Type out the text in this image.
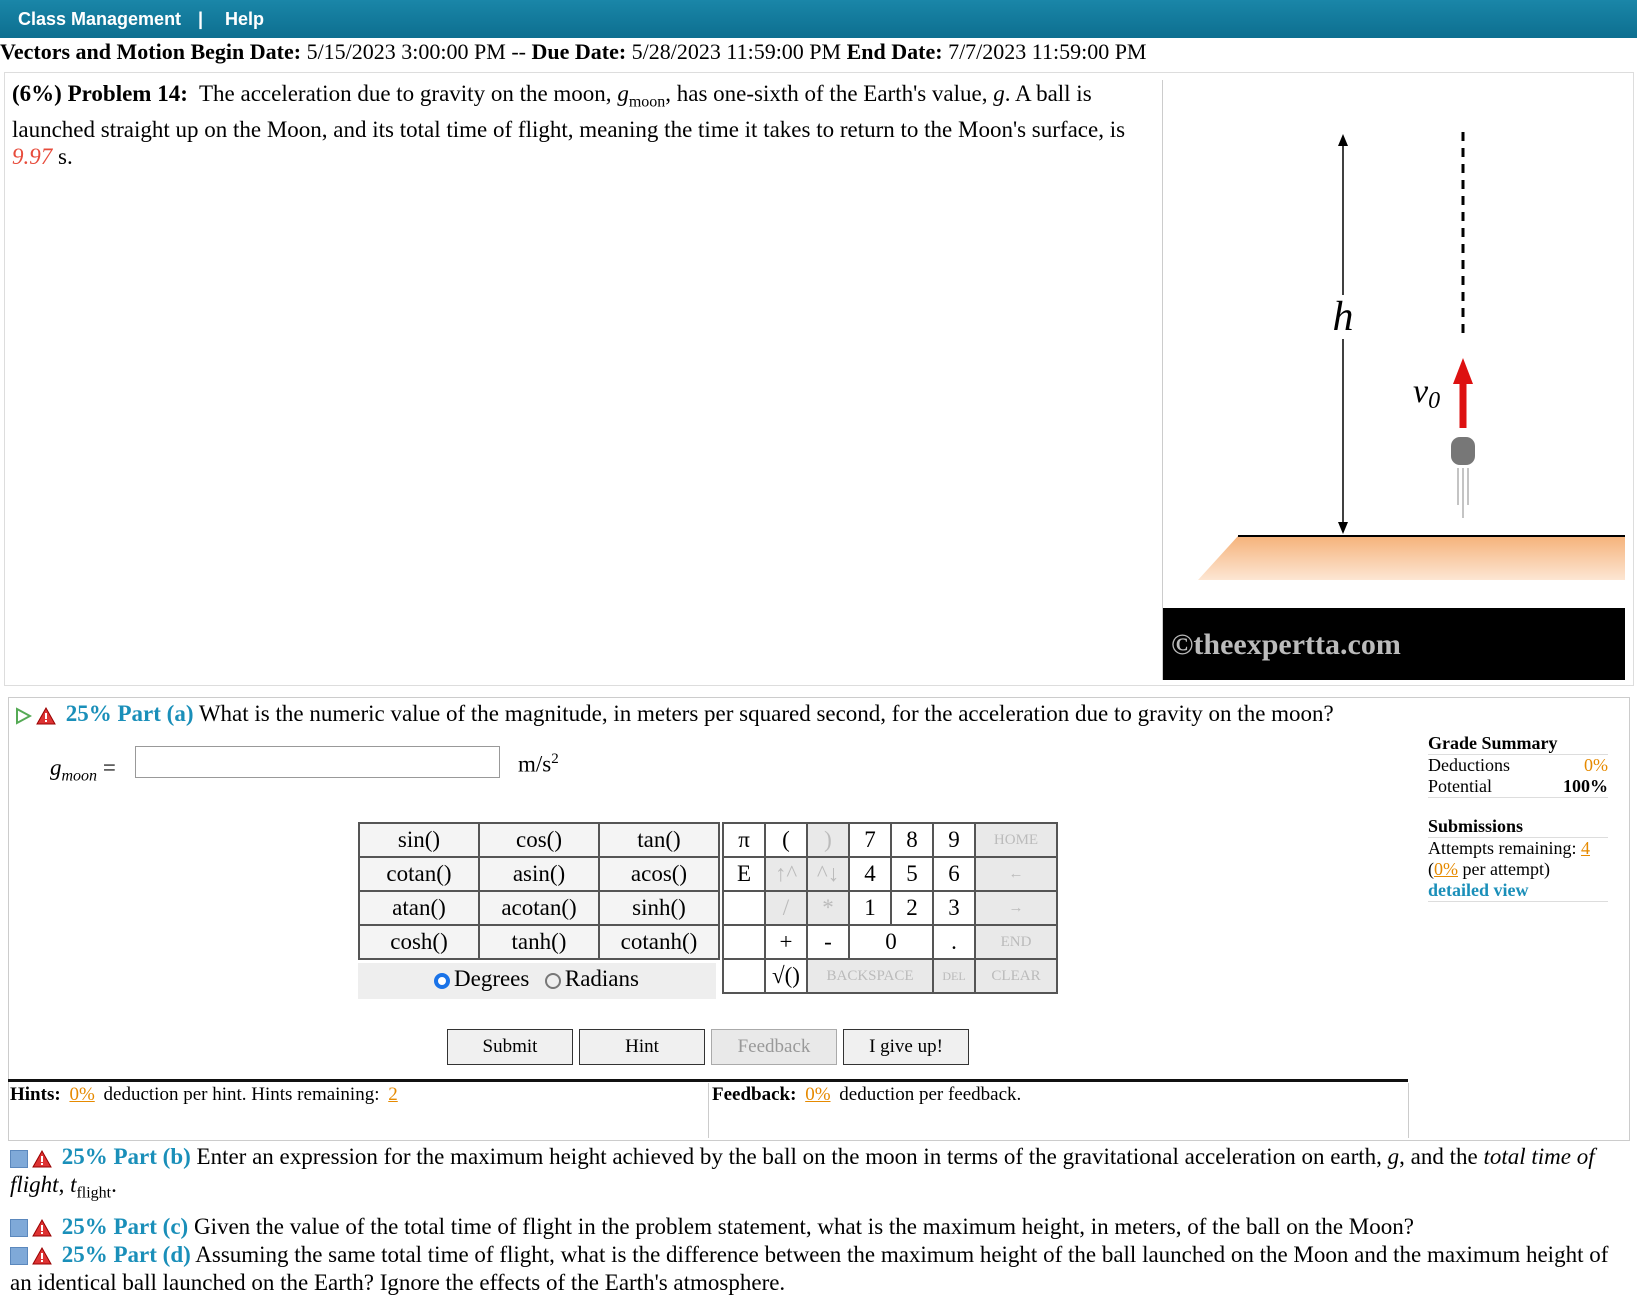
Class Management | Help
Vectors and Motion Begin Date: 5/15/2023 3:00:00 PM -- Due Date: 5/28/2023 11:59:00 PM End Date: 7/7/2023 11:59:00 PM
(6%) Problem 14: The acceleration due to gravity on the moon, $g_{moon}$, has one-sixth of the Earth's value, g. A ball is launched straight up on the Moon, and its total time of flight, meaning the time it takes to return to the Moon's surface, is 9.97 s.
h
v0
©theexpertta.com
25% Part (a) What is the numeric value of the magnitude, in meters per squared second, for the acceleration due to gravity on the moon?
$g_{moon}$ =	$m/s^2$
sin()	cos()	tan()
cotan()	asin()	acos()
atan()	acotan()	sinh()
cosh()	tanh()	cotanh()
Degrees Radians
π	(	)	7	8	9	HOME
E	↑^	^↓	4	5	6	←
	/	*	1	2	3	→
	+	-	0		.	END
	√()	BACKSPACE			DEL	CLEAR
Submit	Hint	Feedback	I give up!
Hints: 0% deduction per hint. Hints remaining: 2	Feedback: 0% deduction per feedback.
Grade Summary
Deductions	0%
Potential	100%
Submissions
Attempts remaining: 4
(0% per attempt)
detailed view

25% Part (b) Enter an expression for the maximum height achieved by the ball on the moon in terms of the gravitational acceleration on earth, g, and the total time of flight, $t_{flight}$.

25% Part (c) Given the value of the total time of flight in the problem statement, what is the maximum height, in meters, of the ball on the Moon?

25% Part (d) Assuming the same total time of flight, what is the difference between the maximum height of the ball launched on the Moon and the maximum height of an identical ball launched on the Earth? Ignore the effects of the Earth's atmosphere.
